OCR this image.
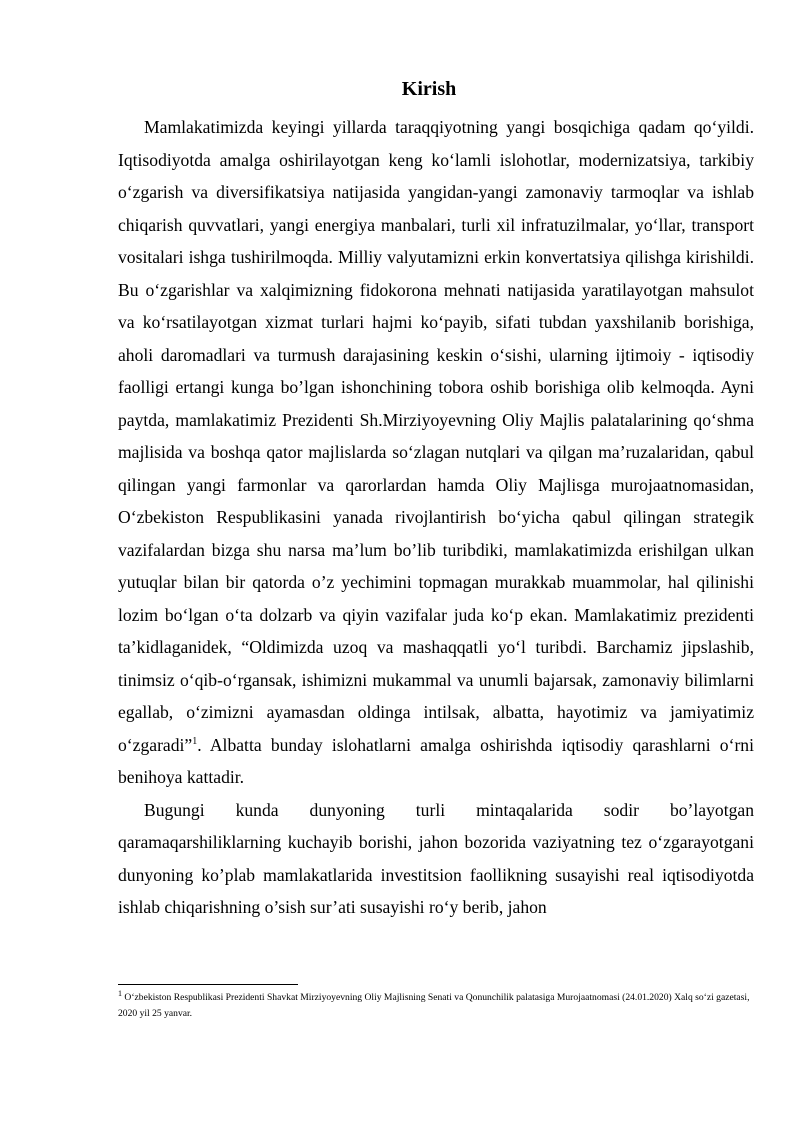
Kirish

Mamlakatimizda keyingi yillarda taraqqiyotning yangi bosqichiga qadam qo‘yildi. Iqtisodiyotda amalga oshirilayotgan keng ko‘lamli islohotlar, modernizatsiya, tarkibiy o‘zgarish va diversifikatsiya natijasida yangidan-yangi zamonaviy tarmoqlar va ishlab chiqarish quvvatlari, yangi energiya manbalari, turli xil infratuzilmalar, yo‘llar, transport vositalari ishga tushirilmoqda. Milliy valyutamizni erkin konvertatsiya qilishga kirishildi. Bu o‘zgarishlar va xalqimizning fidokorona mehnati natijasida yaratilayotgan mahsulot va ko‘rsatilayotgan xizmat turlari hajmi ko‘payib, sifati tubdan yaxshilanib borishiga, aholi daromadlari va turmush darajasining keskin o‘sishi, ularning ijtimoiy - iqtisodiy faolligi ertangi kunga bo’lgan ishonchining tobora oshib borishiga olib kelmoqda. Ayni paytda, mamlakatimiz Prezidenti Sh.Mirziyoyevning Oliy Majlis palatalarining qo‘shma majlisida va boshqa qator majlislarda so‘zlagan nutqlari va qilgan ma’ruzalaridan, qabul qilingan yangi farmonlar va qarorlardan hamda Oliy Majlisga murojaatnomasidan, O‘zbekiston Respublikasini yanada rivojlantirish bo‘yicha qabul qilingan strategik vazifalardan bizga shu narsa ma’lum bo’lib turibdiki, mamlakatimizda erishilgan ulkan yutuqlar bilan bir qatorda o’z yechimini topmagan murakkab muammolar, hal qilinishi lozim bo‘lgan o‘ta dolzarb va qiyin vazifalar juda ko‘p ekan. Mamlakatimiz prezidenti ta’kidlaganidek, “Oldimizda uzoq va mashaqqatli yo‘l turibdi. Barchamiz jipslashib, tinimsiz o‘qib-o‘rgansak, ishimizni mukammal va unumli bajarsak, zamonaviy bilimlarni egallab, o‘zimizni ayamasdan oldinga intilsak, albatta, hayotimiz va jamiyatimiz o‘zgaradi”$^1$. Albatta bunday islohatlarni amalga oshirishda iqtisodiy qarashlarni o‘rni benihoya kattadir.

Bugungi kunda dunyoning turli mintaqalarida sodir bo’layotgan qaramaqarshiliklarning kuchayib borishi, jahon bozorida vaziyatning tez o‘zgarayotgani dunyoning ko’plab mamlakatlarida investitsion faollikning susayishi real iqtisodiyotda ishlab chiqarishning o’sish sur’ati susayishi ro‘y berib, jahon

$^1$ O‘zbekiston Respublikasi Prezidenti Shavkat Mirziyoyevning Oliy Majlisning Senati va Qonunchilik palatasiga Murojaatnomasi (24.01.2020) Xalq so‘zi gazetasi, 2020 yil 25 yanvar.
